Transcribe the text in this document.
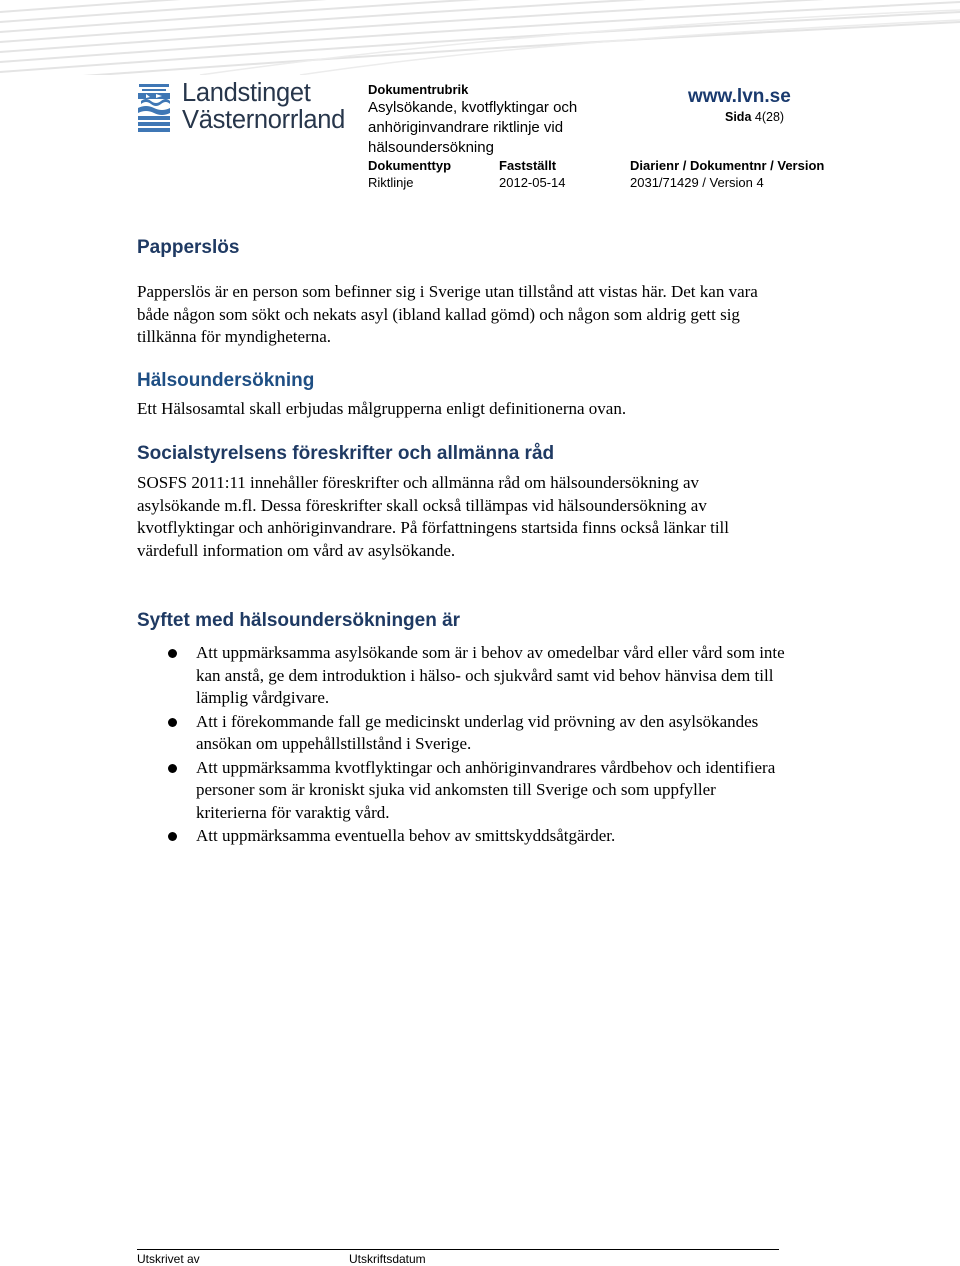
Landstinget
Västernorrland
Dokumentrubrik
Asylsökande, kvotflyktingar och anhöriginvandrare riktlinje vid hälsoundersökning
www.lvn.se
Sida 4(28)
Dokumenttyp
Riktlinje
Fastställt
2012-05-14
Diarienr / Dokumentnr / Version
2031/71429 / Version 4
Papperslös

Papperslös är en person som befinner sig i Sverige utan tillstånd att vistas här. Det kan vara både någon som sökt och nekats asyl (ibland kallad gömd) och någon som aldrig gett sig tillkänna för myndigheterna.

Hälsoundersökning

Ett Hälsosamtal skall erbjudas målgrupperna enligt definitionerna ovan.

Socialstyrelsens föreskrifter och allmänna råd

SOSFS 2011:11 innehåller föreskrifter och allmänna råd om hälsoundersökning av asylsökande m.fl. Dessa föreskrifter skall också tillämpas vid hälsoundersökning av kvotflyktingar och anhöriginvandrare. På författningens startsida finns också länkar till värdefull information om vård av asylsökande.

Syftet med hälsoundersökningen är
Att uppmärksamma asylsökande som är i behov av omedelbar vård eller vård som inte kan anstå, ge dem introduktion i hälso- och sjukvård samt vid behov hänvisa dem till lämplig vårdgivare.
Att i förekommande fall ge medicinskt underlag vid prövning av den asylsökandes ansökan om uppehållstillstånd i Sverige.
Att uppmärksamma kvotflyktingar och anhöriginvandrares vårdbehov och identifiera personer som är kroniskt sjuka vid ankomsten till Sverige och som uppfyller kriterierna för varaktig vård.
Att uppmärksamma eventuella behov av smittskyddsåtgärder.
Utskrivet av	Utskriftsdatum
